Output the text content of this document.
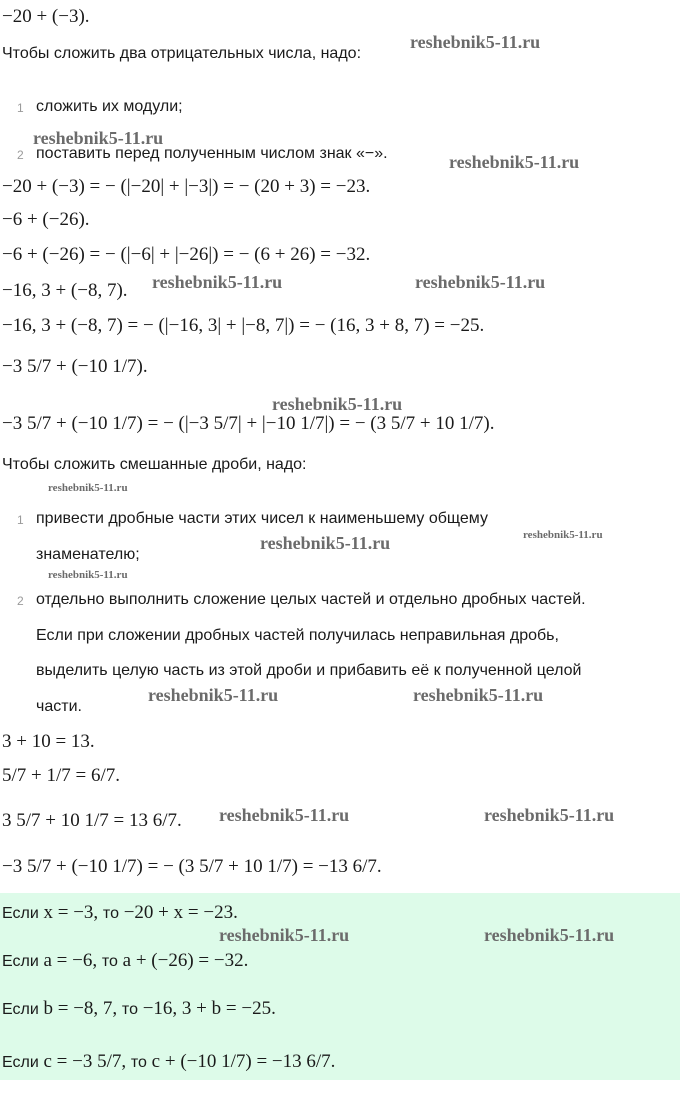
−20 + (−3).
Чтобы сложить два отрицательных числа, надо:
1 сложить их модули;
2 поставить перед полученным числом знак «−».
−20 + (−3) = − (|−20| + |−3|) = − (20 + 3) = −23.
−6 + (−26).
−6 + (−26) = − (|−6| + |−26|) = − (6 + 26) = −32.
−16, 3 + (−8, 7).
−16, 3 + (−8, 7) = − (|−16, 3| + |−8, 7|) = − (16, 3 + 8, 7) = −25.
−3 5/7 + (−10 1/7).
−3 5/7 + (−10 1/7) = − (|−3 5/7| + |−10 1/7|) = − (3 5/7 + 10 1/7).
Чтобы сложить смешанные дроби, надо:
1 привести дробные части этих чисел к наименьшему общему
знаменателю;
2 отдельно выполнить сложение целых частей и отдельно дробных частей.
Если при сложении дробных частей получилась неправильная дробь,
выделить целую часть из этой дроби и прибавить её к полученной целой
части.
3 + 10 = 13.
5/7 + 1/7 = 6/7.
3 5/7 + 10 1/7 = 13 6/7.
−3 5/7 + (−10 1/7) = − (3 5/7 + 10 1/7) = −13 6/7.
Если x = −3, то −20 + x = −23.
Если a = −6, то a + (−26) = −32.
Если b = −8, 7, то −16, 3 + b = −25.
Если c = −3 5/7, то c + (−10 1/7) = −13 6/7.
reshebnik5-11.ru
reshebnik5-11.ru
reshebnik5-11.ru
reshebnik5-11.ru	reshebnik5-11.ru
reshebnik5-11.ru
reshebnik5-11.ru
reshebnik5-11.ru	reshebnik5-11.ru
reshebnik5-11.ru
reshebnik5-11.ru	reshebnik5-11.ru
reshebnik5-11.ru	reshebnik5-11.ru
reshebnik5-11.ru	reshebnik5-11.ru
